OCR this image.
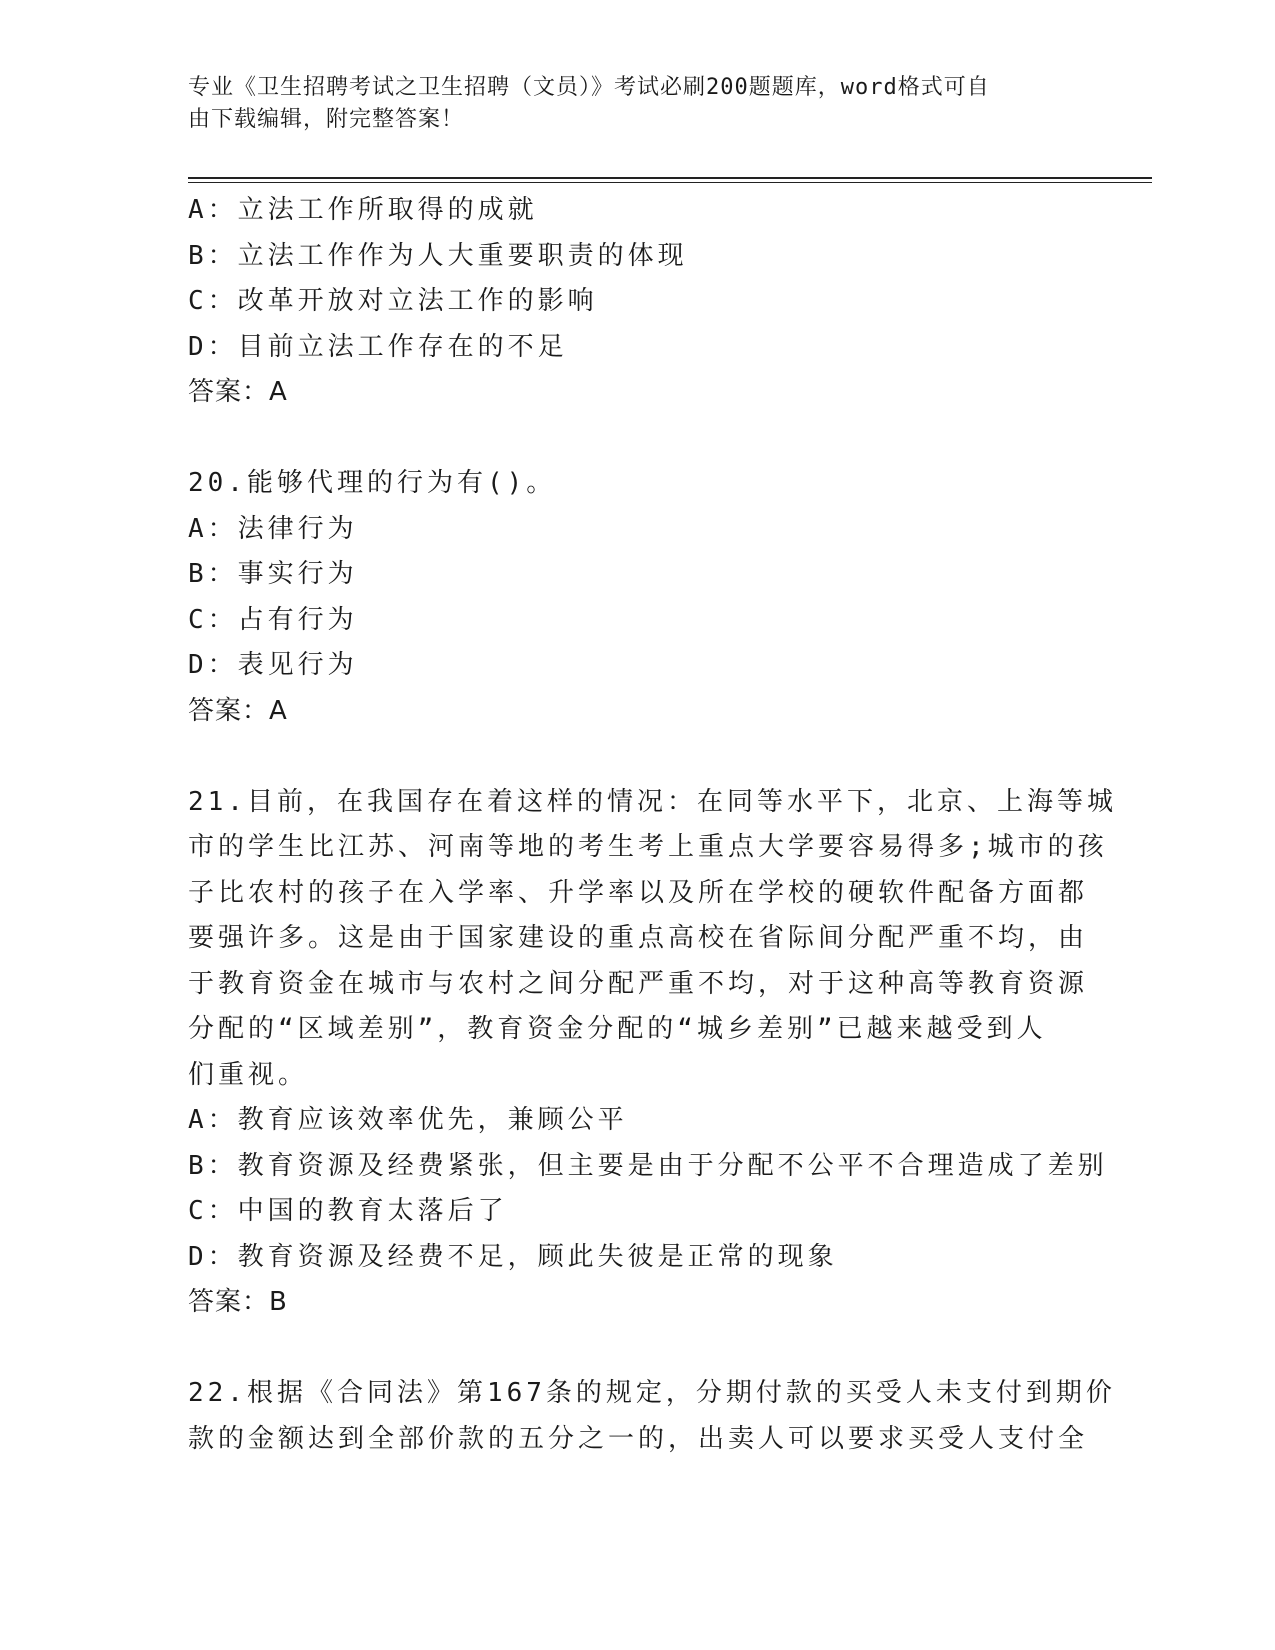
专业《卫生招聘考试之卫生招聘（文员）》考试必刷200题题库，word格式可自
由下载编辑，附完整答案！
A：立法工作所取得的成就
B：立法工作作为人大重要职责的体现
C：改革开放对立法工作的影响
D：目前立法工作存在的不足
答案：A
20.能够代理的行为有()。
A：法律行为
B：事实行为
C：占有行为
D：表见行为
答案：A
21.目前，在我国存在着这样的情况：在同等水平下，北京、上海等城
市的学生比江苏、河南等地的考生考上重点大学要容易得多;城市的孩
子比农村的孩子在入学率、升学率以及所在学校的硬软件配备方面都
要强许多。这是由于国家建设的重点高校在省际间分配严重不均，由
于教育资金在城市与农村之间分配严重不均，对于这种高等教育资源
分配的“区域差别”，教育资金分配的“城乡差别”已越来越受到人
们重视。
A：教育应该效率优先，兼顾公平
B：教育资源及经费紧张，但主要是由于分配不公平不合理造成了差别
C：中国的教育太落后了
D：教育资源及经费不足，顾此失彼是正常的现象
答案：B
22.根据《合同法》第167条的规定，分期付款的买受人未支付到期价
款的金额达到全部价款的五分之一的，出卖人可以要求买受人支付全
